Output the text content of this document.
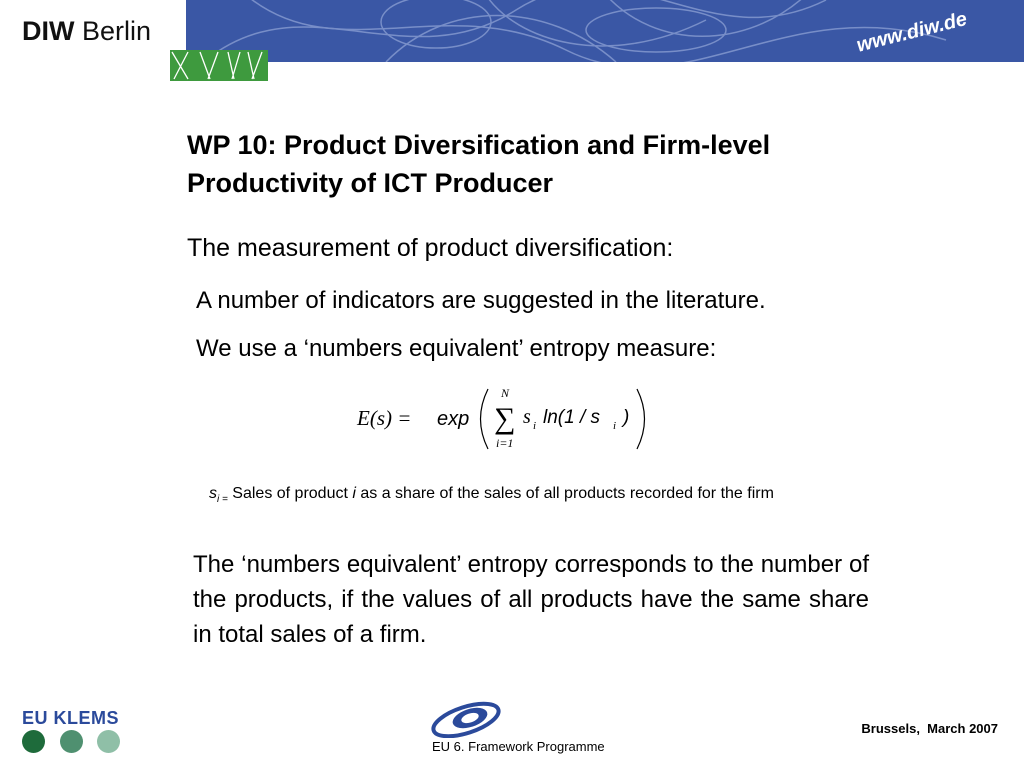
DIW Berlin	www.diw.de
WP 10: Product Diversification and Firm-level Productivity of ICT Producer
The measurement of product diversification:
A number of indicators are suggested in the literature.
We use a ‘numbers equivalent’ entropy measure:
E(s) = exp
N
∑
i=1
s i ln(1 / s i )
$s_{i =}$ Sales of product i as a share of the sales of all products recorded for the firm
The ‘numbers equivalent’ entropy corresponds to the number of the products, if the values of all products have the same share in total sales of a firm.
EU KLEMS
EU 6. Framework Programme
Brussels,  March 2007
